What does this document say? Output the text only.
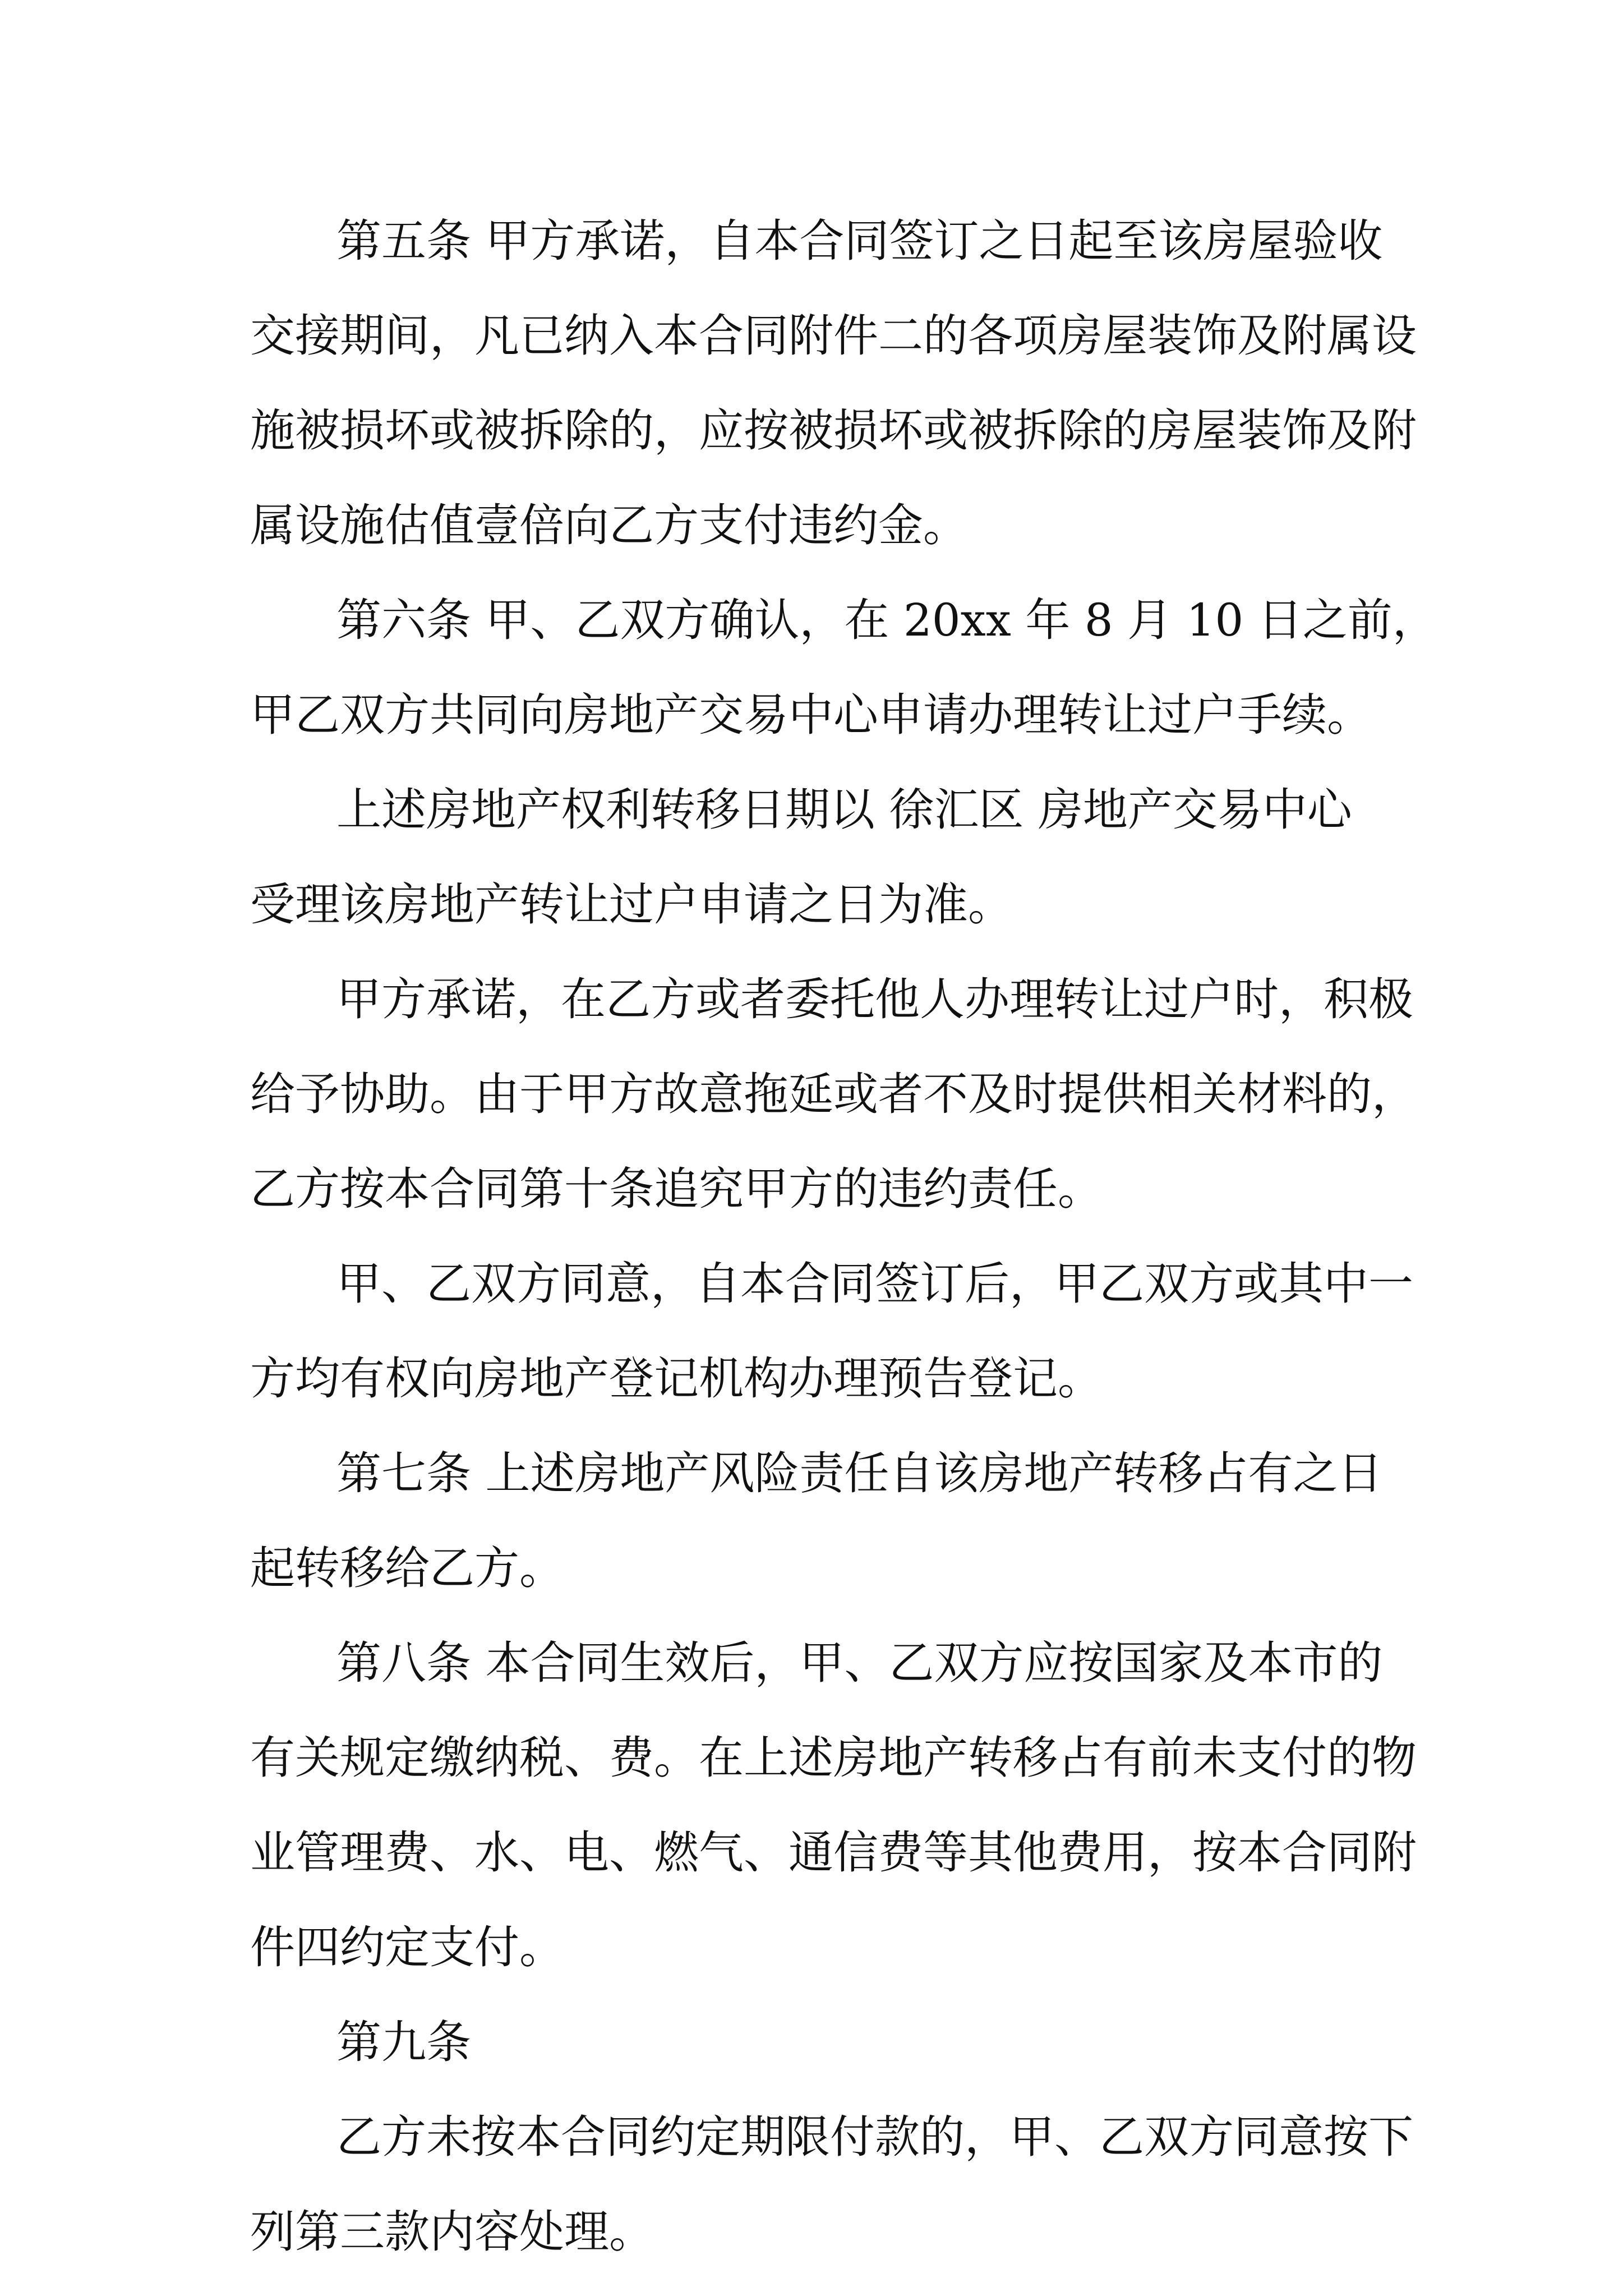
第五条 甲方承诺，自本合同签订之日起至该房屋验收
交接期间，凡已纳入本合同附件二的各项房屋装饰及附属设
施被损坏或被拆除的，应按被损坏或被拆除的房屋装饰及附
属设施估值壹倍向乙方支付违约金。
第六条 甲、乙双方确认，在 20xx 年 8 月 10 日之前，
甲乙双方共同向房地产交易中心申请办理转让过户手续。
上述房地产权利转移日期以 徐汇区 房地产交易中心
受理该房地产转让过户申请之日为准。
甲方承诺，在乙方或者委托他人办理转让过户时，积极
给予协助。由于甲方故意拖延或者不及时提供相关材料的，
乙方按本合同第十条追究甲方的违约责任。
甲、乙双方同意，自本合同签订后，甲乙双方或其中一
方均有权向房地产登记机构办理预告登记。
第七条 上述房地产风险责任自该房地产转移占有之日
起转移给乙方。
第八条 本合同生效后，甲、乙双方应按国家及本市的
有关规定缴纳税、费。在上述房地产转移占有前未支付的物
业管理费、水、电、燃气、通信费等其他费用，按本合同附
件四约定支付。
第九条
乙方未按本合同约定期限付款的，甲、乙双方同意按下
列第三款内容处理。
